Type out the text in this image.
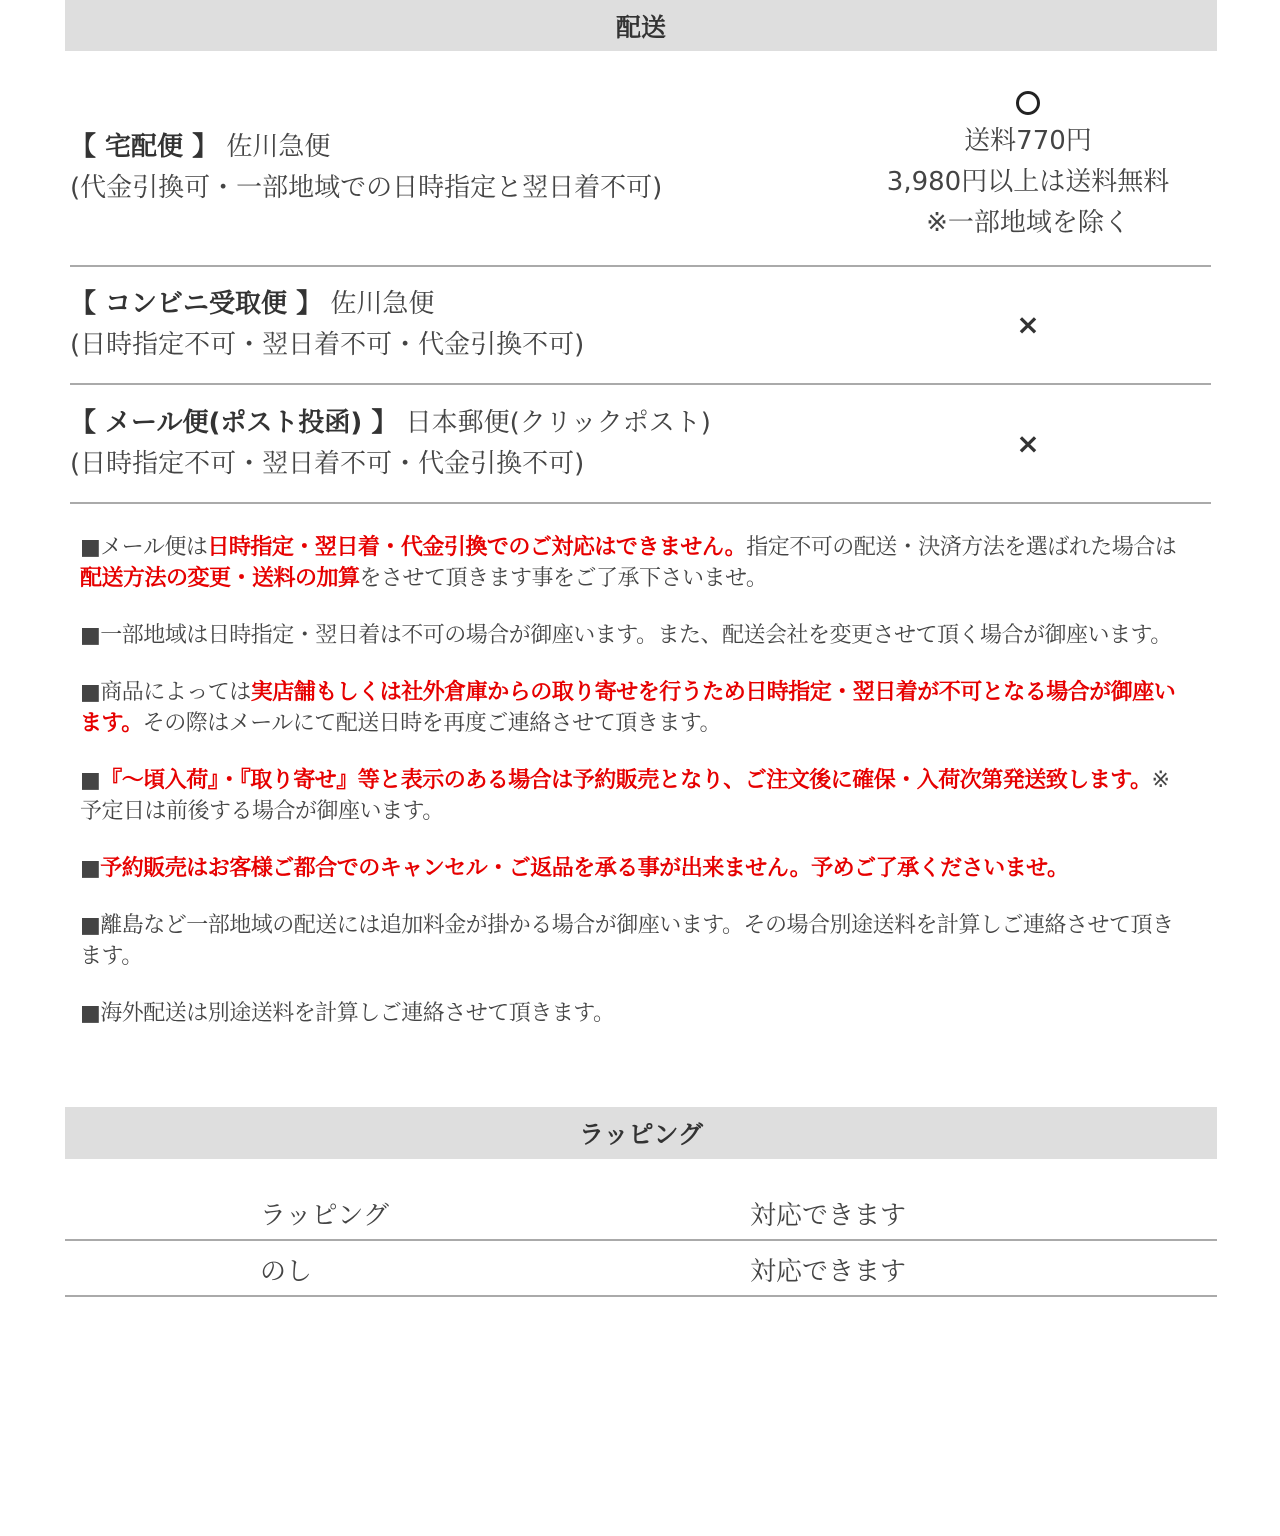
配送
【 宅配便 】 佐川急便
(代金引換可・一部地域での日時指定と翌日着不可)
送料770円
3,980円以上は送料無料
※一部地域を除く
【 コンビニ受取便 】 佐川急便
(日時指定不可・翌日着不可・代金引換不可)
×
【 メール便(ポスト投函) 】 日本郵便(クリックポスト)
(日時指定不可・翌日着不可・代金引換不可)
×

■メール便は日時指定・翌日着・代金引換でのご対応はできません。指定不可の配送・決済方法を選ばれた場合は配送方法の変更・送料の加算をさせて頂きます事をご了承下さいませ。

■一部地域は日時指定・翌日着は不可の場合が御座います。また、配送会社を変更させて頂く場合が御座います。

■商品によっては実店舗もしくは社外倉庫からの取り寄せを行うため日時指定・翌日着が不可となる場合が御座います。その際はメールにて配送日時を再度ご連絡させて頂きます。

■『～頃入荷』・『取り寄せ』等と表示のある場合は予約販売となり、ご注文後に確保・入荷次第発送致します。※予定日は前後する場合が御座います。

■予約販売はお客様ご都合でのキャンセル・ご返品を承る事が出来ません。予めご了承くださいませ。

■離島など一部地域の配送には追加料金が掛かる場合が御座います。その場合別途送料を計算しご連絡させて頂きます。

■海外配送は別途送料を計算しご連絡させて頂きます。

ラッピング
ラッピング	対応できます
のし	対応できます
